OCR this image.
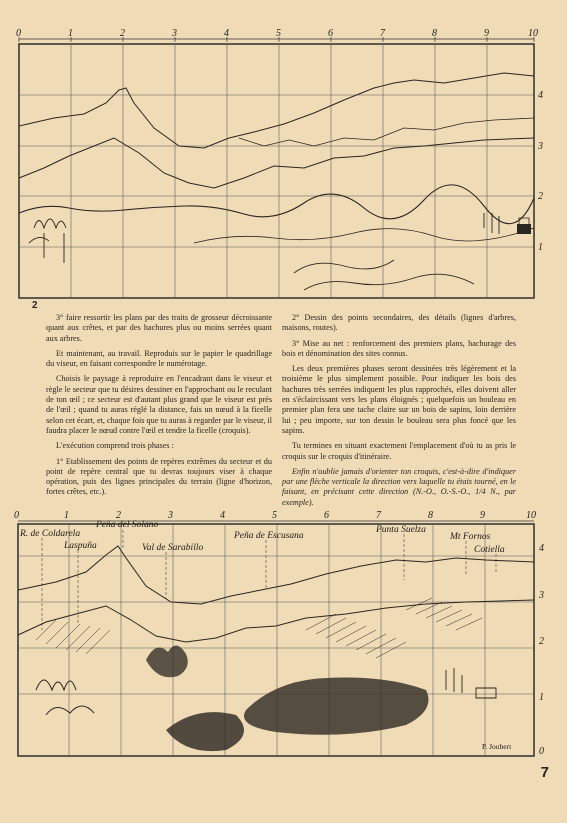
0	1	2	3	4	5	6	7	8	9	10
4
3
2
1
2

3° faire ressortir les plans par des traits de grosseur décroissante quant aux crêtes, et par des hachures plus ou moins serrées quant aux arbres.

Et maintenant, au travail. Reproduis sur le papier le quadrillage du viseur, en faisant correspondre le numérotage.

Choisis le paysage à reproduire en l'encadrant dans le viseur et règle le secteur que tu désires dessiner en l'approchant ou le reculant de ton œil ; ce secteur est d'autant plus grand que le viseur est près de l'œil ; quand tu auras réglé la distance, fais un nœud à la ficelle selon cet écart, et, chaque fois que tu auras à regarder par le viseur, il faudra placer le nœud contre l'œil et tendre la ficelle (croquis).

L'exécution comprend trois phases :

1° Etablissement des points de repères extrêmes du secteur et du point de repère central que tu devras toujours viser à chaque opération, puis des lignes principales du terrain (ligne d'horizon, fortes crêtes, etc.).

2° Dessin des points secondaires, des détails (lignes d'arbres, maisons, routes).

3° Mise au net : renforcement des premiers plans, hachurage des bois et dénomination des sites connus.

Les deux premières phases seront dessinées très légèrement et la troisième le plus simplement possible. Pour indiquer les bois des hachures très serrées indiquent les plus rapprochés, elles doivent aller en s'éclaircissant vers les plans éloignés ; quelquefois un bouleau en premier plan fera une tache claire sur un bois de sapins, loin derrière lui ; peu importe, sur ton dessin le bouleau sera plus foncé que les sapins.

Tu termines en situant exactement l'emplacement d'où tu as pris le croquis sur le croquis d'itinéraire.

Enfin n'oublie jamais d'orienter ton croquis, c'est-à-dire d'indiquer par une flèche verticale la direction vers laquelle tu étais tourné, en le faisant, en précisant cette direction (N.-O., O.-S.-O., 1/4 N., par exemple).

0	1	2	3	4	5	6	7	8	9	10
4
3
2
1
0
R. de Coldarela
Laspuña
Peña del Solano
Val de Sarabillo
Peña de Escusana
Punta Suelza
Mt Fornos
Cotiella
P. Joubert
7
